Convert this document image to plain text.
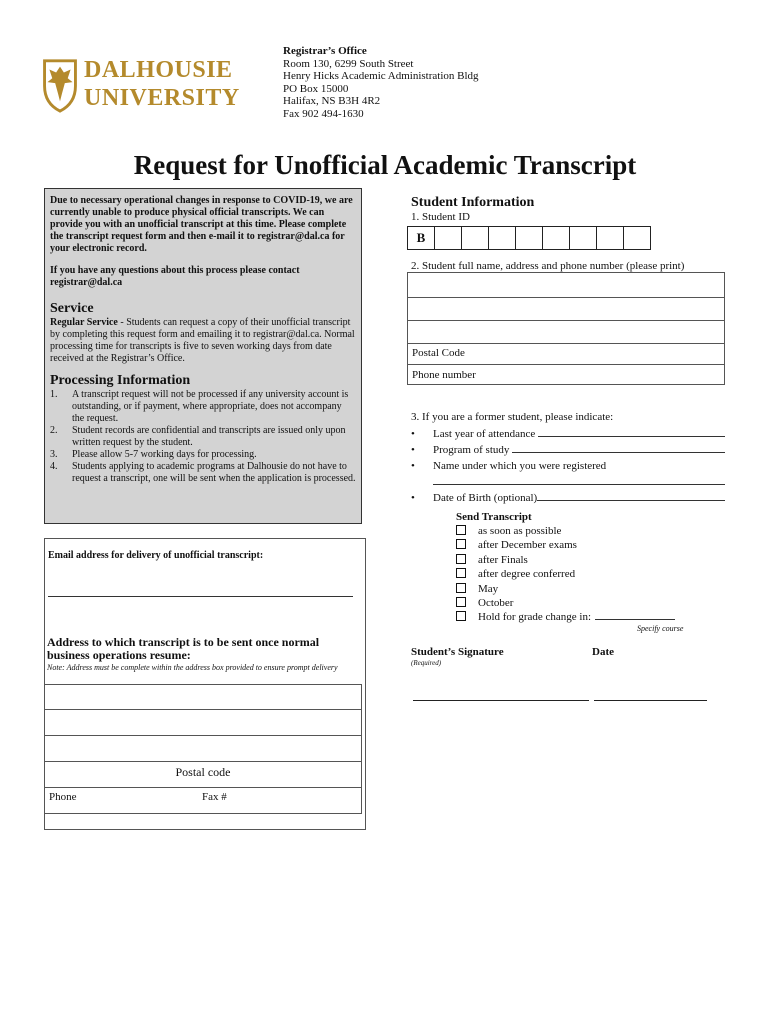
DALHOUSIE
UNIVERSITY
Registrar’s Office
Room 130, 6299 South Street
Henry Hicks Academic Administration Bldg
PO Box 15000
Halifax, NS B3H 4R2
Fax 902 494-1630
Request for Unofficial Academic Transcript

Due to necessary operational changes in response to COVID-19, we are currently unable to produce physical official transcripts. We can provide you with an unofficial transcript at this time. Please complete the transcript request form and then e-mail it to registrar@dal.ca for your electronic record.

If you have any questions about this process please contact registrar@dal.ca

Service

Regular Service - Students can request a copy of their unofficial transcript by completing this request form and emailing it to registrar@dal.ca. Normal processing time for transcripts is five to seven working days from date received at the Registrar’s Office.

Processing Information
1.	A transcript request will not be processed if any university account is outstanding, or if payment, where appropriate, does not accompany the request.
2.	Student records are confidential and transcripts are issued only upon written request by the student.
3.	Please allow 5-7 working days for processing.
4.	Students applying to academic programs at Dalhousie do not have to request a transcript, one will be sent when the application is processed.
Email address for delivery of unofficial transcript:
Address to which transcript is to be sent once normal business operations resume:
Note: Address must be complete within the address box provided to ensure prompt delivery
Postal code
Phone	Fax #
Student Information
1. Student ID
B
2. Student full name, address and phone number (please print)
Postal Code
Phone number
3. If you are a former student, please indicate:
•	Last year of attendance
•	Program of study
•	Name under which you were registered
•	Date of Birth (optional)
Send Transcript
as soon as possible
after December exams
after Finals
after degree conferred
May
October
Hold for grade change in:
Specify course
Student’s Signature
(Required)
Date
